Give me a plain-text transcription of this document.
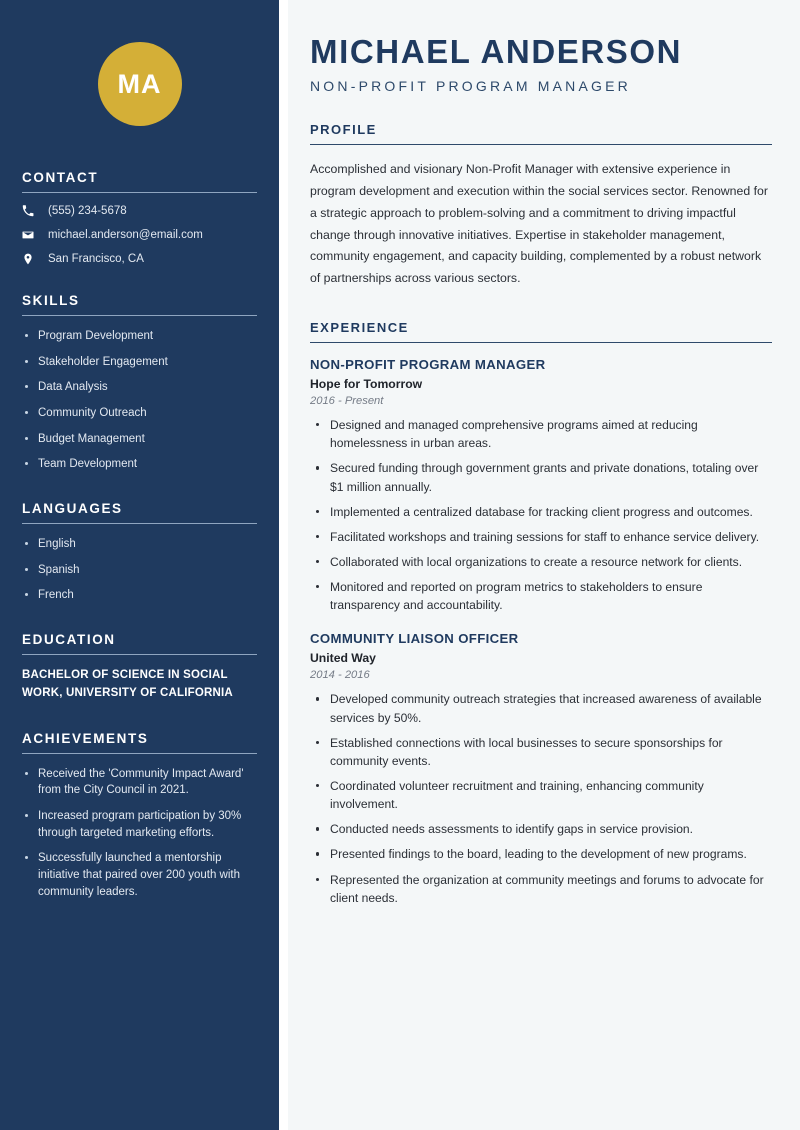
MA
CONTACT
(555) 234-5678
michael.anderson@email.com
San Francisco, CA
SKILLS
Program Development
Stakeholder Engagement
Data Analysis
Community Outreach
Budget Management
Team Development
LANGUAGES
English
Spanish
French
EDUCATION
BACHELOR OF SCIENCE IN SOCIAL WORK, UNIVERSITY OF CALIFORNIA
ACHIEVEMENTS
Received the 'Community Impact Award' from the City Council in 2021.
Increased program participation by 30% through targeted marketing efforts.
Successfully launched a mentorship initiative that paired over 200 youth with community leaders.
MICHAEL ANDERSON
NON-PROFIT PROGRAM MANAGER
PROFILE

Accomplished and visionary Non-Profit Manager with extensive experience in program development and execution within the social services sector. Renowned for a strategic approach to problem-solving and a commitment to driving impactful change through innovative initiatives. Expertise in stakeholder management, community engagement, and capacity building, complemented by a robust network of partnerships across various sectors.

EXPERIENCE
NON-PROFIT PROGRAM MANAGER
Hope for Tomorrow
2016 - Present
Designed and managed comprehensive programs aimed at reducing homelessness in urban areas.
Secured funding through government grants and private donations, totaling over $1 million annually.
Implemented a centralized database for tracking client progress and outcomes.
Facilitated workshops and training sessions for staff to enhance service delivery.
Collaborated with local organizations to create a resource network for clients.
Monitored and reported on program metrics to stakeholders to ensure transparency and accountability.
COMMUNITY LIAISON OFFICER
United Way
2014 - 2016
Developed community outreach strategies that increased awareness of available services by 50%.
Established connections with local businesses to secure sponsorships for community events.
Coordinated volunteer recruitment and training, enhancing community involvement.
Conducted needs assessments to identify gaps in service provision.
Presented findings to the board, leading to the development of new programs.
Represented the organization at community meetings and forums to advocate for client needs.
